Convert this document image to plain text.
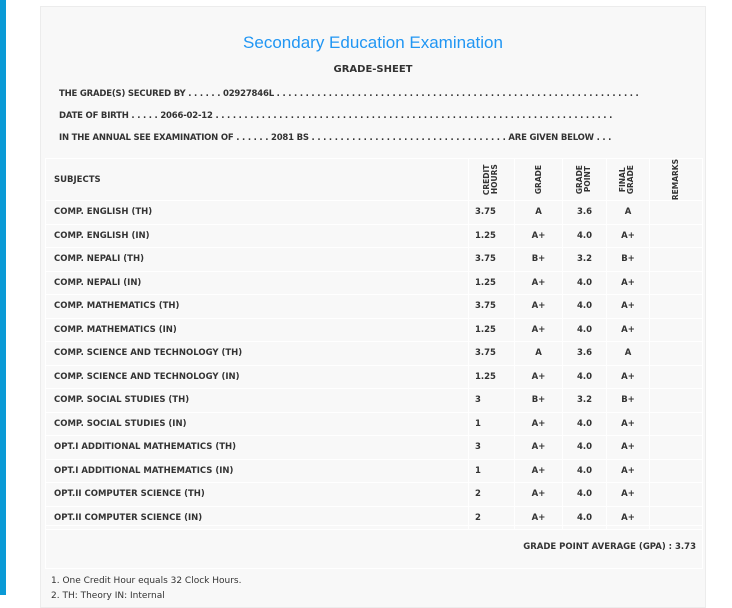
Secondary Education Examination
GRADE-SHEET
THE GRADE(S) SECURED BY . . . . . . 02927846L . . . . . . . . . . . . . . . . . . . . . . . . . . . . . . . . . . . . . . . . . . . . . . . . . . . . . . . . . . . . . . .
DATE OF BIRTH . . . . . 2066-02-12 . . . . . . . . . . . . . . . . . . . . . . . . . . . . . . . . . . . . . . . . . . . . . . . . . . . . . . . . . . . . . . . . . . . . .
IN THE ANNUAL SEE EXAMINATION OF . . . . . . 2081 BS . . . . . . . . . . . . . . . . . . . . . . . . . . . . . . . . . . ARE GIVEN BELOW . . .
SUBJECTS	CREDIT HOURS	GRADE	GRADE POINT	FINAL GRADE	REMARKS

COMP. ENGLISH (TH)	3.75	A	3.6	A	
COMP. ENGLISH (IN)	1.25	A+	4.0	A+	
COMP. NEPALI (TH)	3.75	B+	3.2	B+	
COMP. NEPALI (IN)	1.25	A+	4.0	A+	
COMP. MATHEMATICS (TH)	3.75	A+	4.0	A+	
COMP. MATHEMATICS (IN)	1.25	A+	4.0	A+	
COMP. SCIENCE AND TECHNOLOGY (TH)	3.75	A	3.6	A	
COMP. SCIENCE AND TECHNOLOGY (IN)	1.25	A+	4.0	A+	
COMP. SOCIAL STUDIES (TH)	3	B+	3.2	B+	
COMP. SOCIAL STUDIES (IN)	1	A+	4.0	A+	
OPT.I ADDITIONAL MATHEMATICS (TH)	3	A+	4.0	A+	
OPT.I ADDITIONAL MATHEMATICS (IN)	1	A+	4.0	A+	
OPT.II COMPUTER SCIENCE (TH)	2	A+	4.0	A+	
OPT.II COMPUTER SCIENCE (IN)	2	A+	4.0	A+	
GRADE POINT AVERAGE (GPA) : 3.73
1. One Credit Hour equals 32 Clock Hours.
2. TH: Theory IN: Internal
